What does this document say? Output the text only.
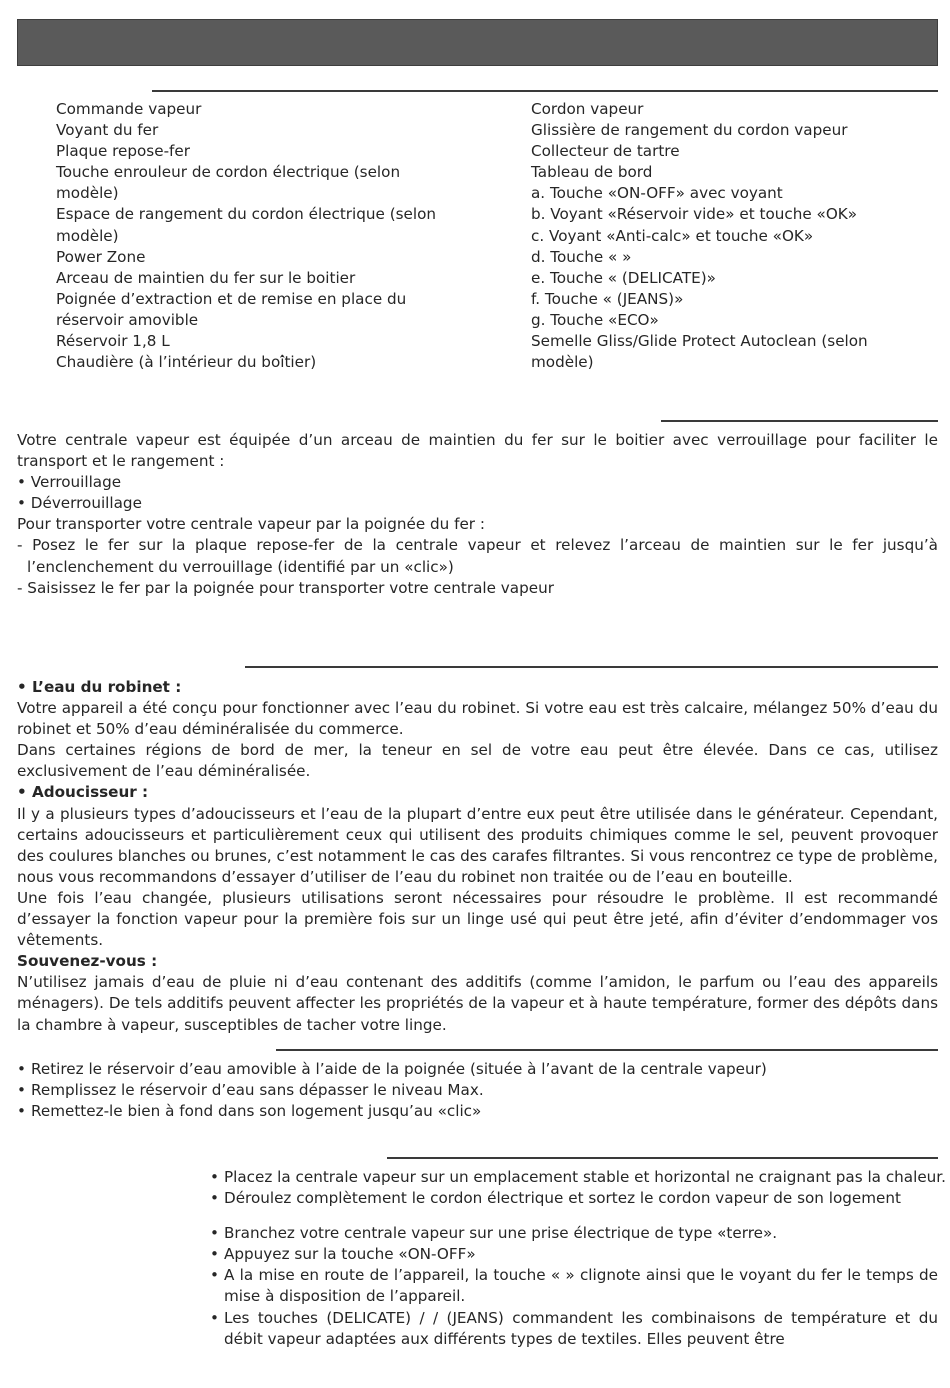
Commande vapeur
Voyant du fer
Plaque repose-fer
Touche enrouleur de cordon électrique (selon
modèle)
Espace de rangement du cordon électrique (selon
modèle)
Power Zone
Arceau de maintien du fer sur le boitier
Poignée d’extraction et de remise en place du
réservoir amovible
Réservoir 1,8 L
Chaudière (à l’intérieur du boi̇̂tier)
Cordon vapeur
Glissière de rangement du cordon vapeur
Collecteur de tartre
Tableau de bord
a. Touche «ON-OFF» avec voyant
b. Voyant «Réservoir vide» et touche «OK»
c. Voyant «Anti-calc» et touche «OK»
d. Touche « »
e. Touche « (DELICATE)»
f. Touche « (JEANS)»
g. Touche «ECO»
Semelle Gliss/Glide Protect Autoclean (selon
modèle)
Votre centrale vapeur est équipée d’un arceau de maintien du fer sur le boitier avec verrouillage pour faciliter le transport et le rangement :
• Verrouillage
• Déverrouillage
Pour transporter votre centrale vapeur par la poignée du fer :
- Posez le fer sur la plaque repose-fer de la centrale vapeur et relevez l’arceau de maintien sur le fer jusqu’à l’enclenchement du verrouillage (identifié par un «clic»)
- Saisissez le fer par la poignée pour transporter votre centrale vapeur
• L’eau du robinet :
Votre appareil a été conçu pour fonctionner avec l’eau du robinet. Si votre eau est très calcaire, mélangez 50% d’eau du robinet et 50% d’eau déminéralisée du commerce.
Dans certaines régions de bord de mer, la teneur en sel de votre eau peut être élevée. Dans ce cas, utilisez exclusivement de l’eau déminéralisée.
• Adoucisseur :
Il y a plusieurs types d’adoucisseurs et l’eau de la plupart d’entre eux peut être utilisée dans le générateur. Cependant, certains adoucisseurs et particulièrement ceux qui utilisent des produits chimiques comme le sel, peuvent provoquer des coulures blanches ou brunes, c’est notamment le cas des carafes filtrantes. Si vous rencontrez ce type de problème, nous vous recommandons d’essayer d’utiliser de l’eau du robinet non traitée ou de l’eau en bouteille.
Une fois l’eau changée, plusieurs utilisations seront nécessaires pour résoudre le problème. Il est recommandé d’essayer la fonction vapeur pour la première fois sur un linge usé qui peut être jeté, afin d’éviter d’endommager vos vêtements.
Souvenez-vous :
N’utilisez jamais d’eau de pluie ni d’eau contenant des additifs (comme l’amidon, le parfum ou l’eau des appareils ménagers). De tels additifs peuvent affecter les propriétés de la vapeur et à haute température, former des dépôts dans la chambre à vapeur, susceptibles de tacher votre linge.
• Retirez le réservoir d’eau amovible à l’aide de la poignée (située à l’avant de la centrale vapeur)
• Remplissez le réservoir d’eau sans dépasser le niveau Max.
• Remettez-le bien à fond dans son logement jusqu’au «clic»
• Placez la centrale vapeur sur un emplacement stable et horizontal ne craignant pas la chaleur.
• Déroulez complètement le cordon électrique et sortez le cordon vapeur de son logement
• Branchez votre centrale vapeur sur une prise électrique de type «terre».
• Appuyez sur la touche «ON-OFF»
• A la mise en route de l’appareil, la touche « » clignote ainsi que le voyant du fer le temps de mise à disposition de l’appareil.
• Les touches (DELICATE) / / (JEANS) commandent les combinaisons de température et du débit vapeur adaptées aux différents types de textiles. Elles peuvent être
